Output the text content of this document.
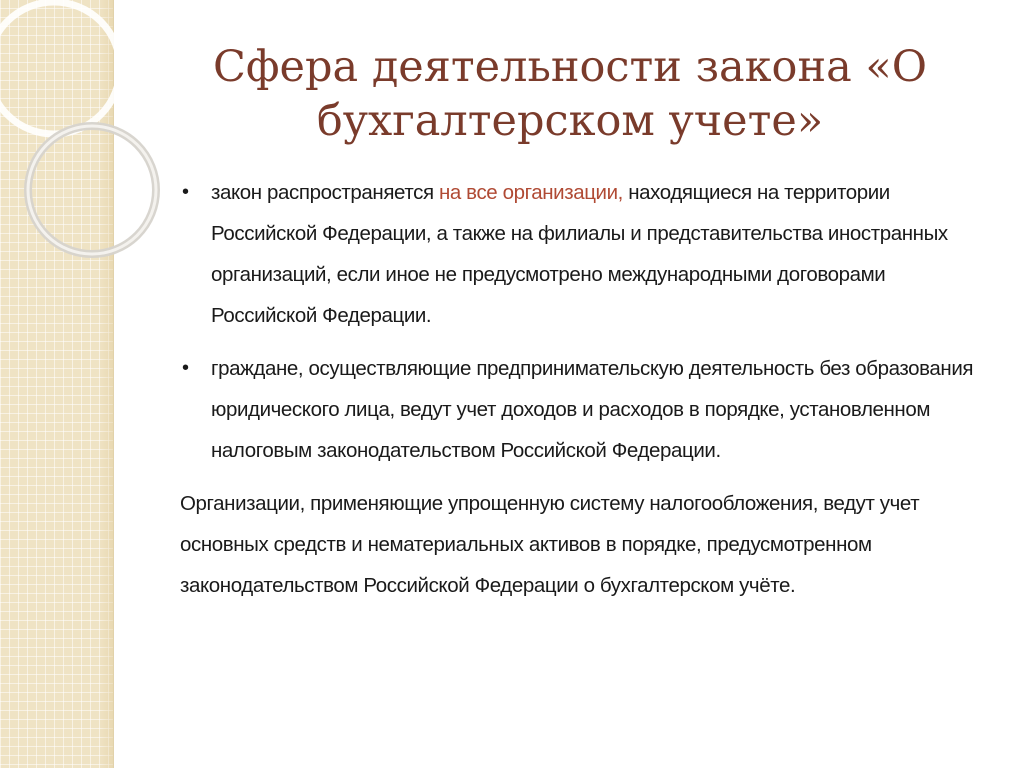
Сфера деятельности закона «О бухгалтерском учете»
• закон распространяется на все организации, находящиеся на территории Российской Федерации, а также на филиалы и представительства иностранных организаций, если иное не предусмотрено международными договорами Российской Федерации.
• граждане, осуществляющие предпринимательскую деятельность без образования юридического лица, ведут учет доходов и расходов в порядке, установленном налоговым законодательством Российской Федерации.

Организации, применяющие упрощенную систему налогообложения, ведут учет основных средств и нематериальных активов в порядке, предусмотренном законодательством Российской Федерации о бухгалтерском учёте.
